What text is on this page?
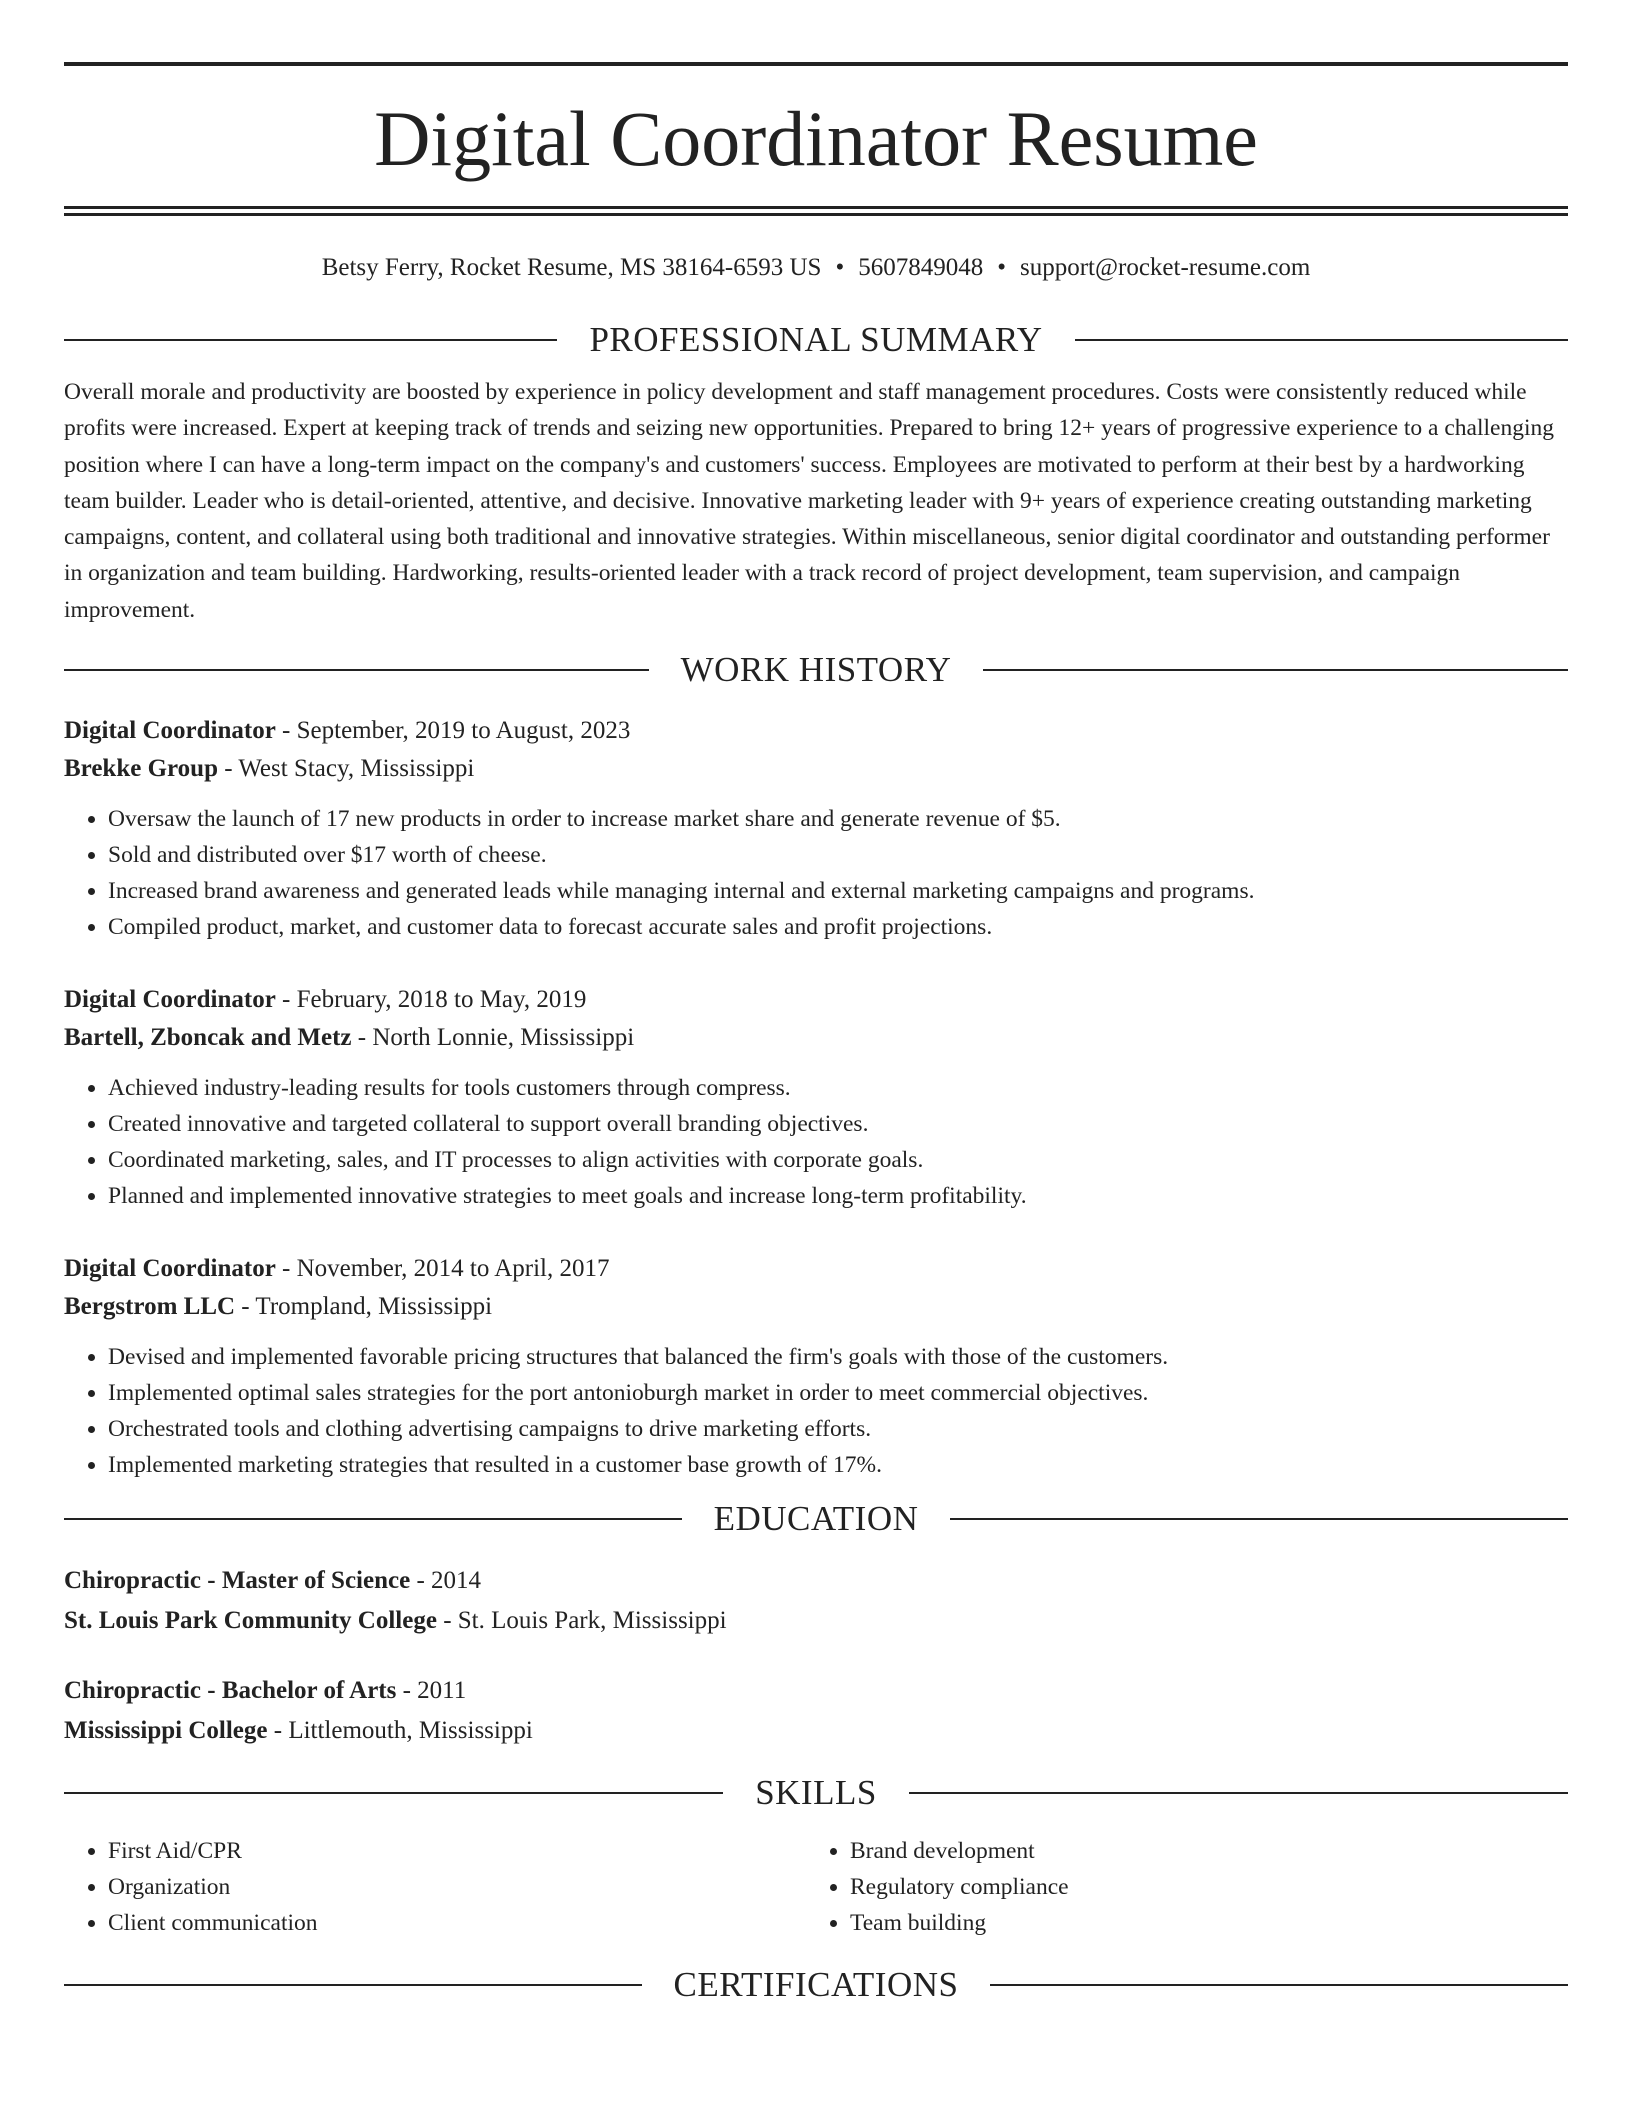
Digital Coordinator Resume
Betsy Ferry, Rocket Resume, MS 38164-6593 US • 5607849048 • support@rocket-resume.com
PROFESSIONAL SUMMARY
Overall morale and productivity are boosted by experience in policy development and staff management procedures. Costs were consistently reduced while profits were increased. Expert at keeping track of trends and seizing new opportunities. Prepared to bring 12+ years of progressive experience to a challenging position where I can have a long-term impact on the company's and customers' success. Employees are motivated to perform at their best by a hardworking team builder. Leader who is detail-oriented, attentive, and decisive. Innovative marketing leader with 9+ years of experience creating outstanding marketing campaigns, content, and collateral using both traditional and innovative strategies. Within miscellaneous, senior digital coordinator and outstanding performer in organization and team building. Hardworking, results-oriented leader with a track record of project development, team supervision, and campaign improvement.
WORK HISTORY
Digital Coordinator - September, 2019 to August, 2023
Brekke Group - West Stacy, Mississippi
• Oversaw the launch of 17 new products in order to increase market share and generate revenue of $5.
• Sold and distributed over $17 worth of cheese.
• Increased brand awareness and generated leads while managing internal and external marketing campaigns and programs.
• Compiled product, market, and customer data to forecast accurate sales and profit projections.
Digital Coordinator - February, 2018 to May, 2019
Bartell, Zboncak and Metz - North Lonnie, Mississippi
• Achieved industry-leading results for tools customers through compress.
• Created innovative and targeted collateral to support overall branding objectives.
• Coordinated marketing, sales, and IT processes to align activities with corporate goals.
• Planned and implemented innovative strategies to meet goals and increase long-term profitability.
Digital Coordinator - November, 2014 to April, 2017
Bergstrom LLC - Trompland, Mississippi
• Devised and implemented favorable pricing structures that balanced the firm's goals with those of the customers.
• Implemented optimal sales strategies for the port antonioburgh market in order to meet commercial objectives.
• Orchestrated tools and clothing advertising campaigns to drive marketing efforts.
• Implemented marketing strategies that resulted in a customer base growth of 17%.
EDUCATION
Chiropractic - Master of Science - 2014
St. Louis Park Community College - St. Louis Park, Mississippi
Chiropractic - Bachelor of Arts - 2011
Mississippi College - Littlemouth, Mississippi
SKILLS
• First Aid/CPR
• Organization
• Client communication
• Brand development
• Regulatory compliance
• Team building
CERTIFICATIONS
